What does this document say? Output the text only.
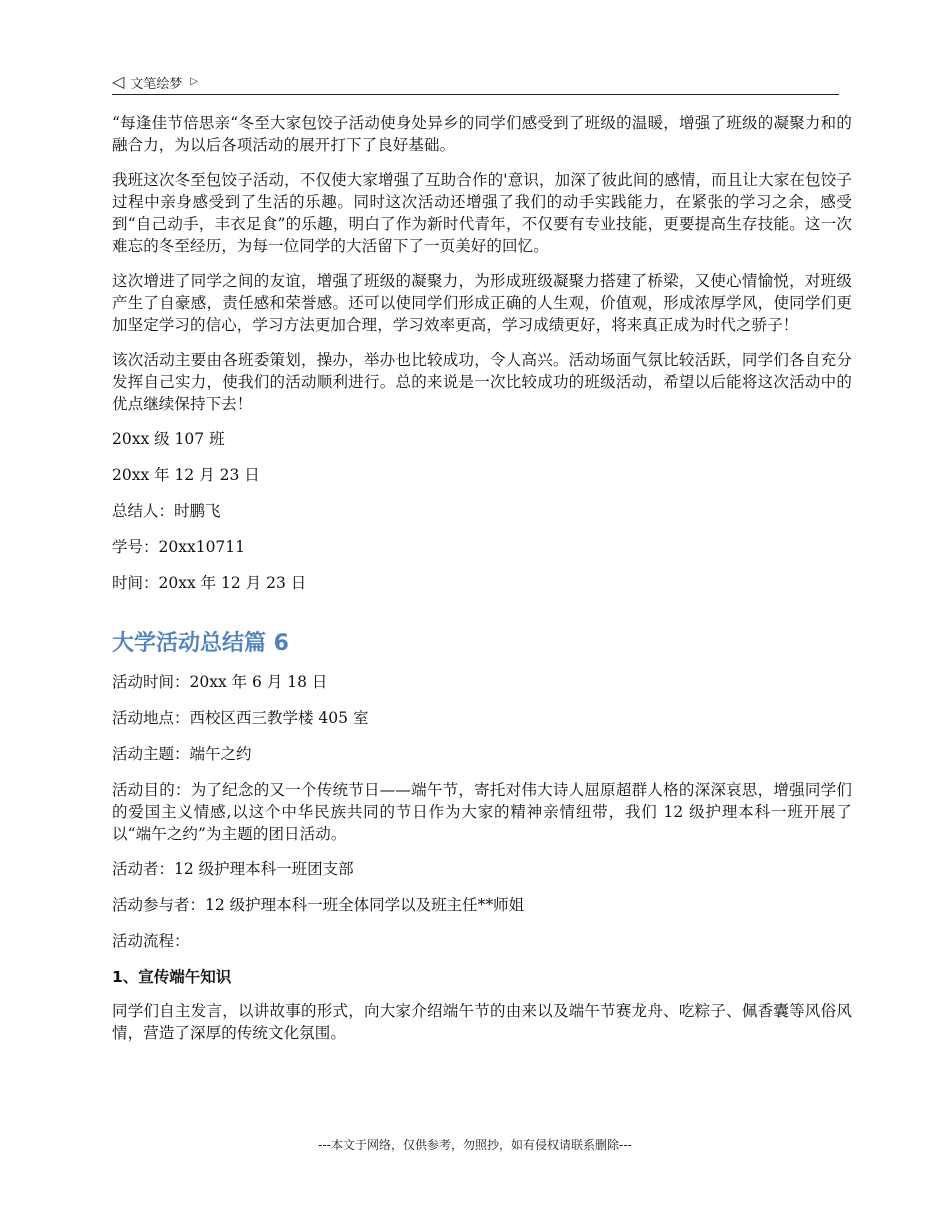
◁ 文笔绘梦 ▷

“每逢佳节倍思亲“冬至大家包饺子活动使身处异乡的同学们感受到了班级的温暖，增强了班级的凝聚力和的融合力，为以后各项活动的展开打下了良好基础。

我班这次冬至包饺子活动，不仅使大家增强了互助合作的'意识，加深了彼此间的感情，而且让大家在包饺子过程中亲身感受到了生活的乐趣。同时这次活动还增强了我们的动手实践能力，在紧张的学习之余，感受到“自己动手，丰衣足食”的乐趣，明白了作为新时代青年，不仅要有专业技能，更要提高生存技能。这一次难忘的冬至经历，为每一位同学的大活留下了一页美好的回忆。

这次增进了同学之间的友谊，增强了班级的凝聚力，为形成班级凝聚力搭建了桥梁，又使心情愉悦，对班级产生了自豪感，责任感和荣誉感。还可以使同学们形成正确的人生观，价值观，形成浓厚学风，使同学们更加坚定学习的信心，学习方法更加合理，学习效率更高，学习成绩更好，将来真正成为时代之骄子！

该次活动主要由各班委策划，操办，举办也比较成功，令人高兴。活动场面气氛比较活跃，同学们各自充分发挥自己实力，使我们的活动顺利进行。总的来说是一次比较成功的班级活动，希望以后能将这次活动中的优点继续保持下去！

20xx 级 107 班

20xx 年 12 月 23 日

总结人：时鹏飞

学号：20xx10711

时间：20xx 年 12 月 23 日

大学活动总结篇 6

活动时间：20xx 年 6 月 18 日

活动地点：西校区西三教学楼 405 室

活动主题：端午之约

活动目的：为了纪念的又一个传统节日——端午节，寄托对伟大诗人屈原超群人格的深深哀思，增强同学们的爱国主义情感,以这个中华民族共同的节日作为大家的精神亲情纽带，我们 12 级护理本科一班开展了以“端午之约”为主题的团日活动。

活动者：12 级护理本科一班团支部

活动参与者：12 级护理本科一班全体同学以及班主任**师姐

活动流程：

1、宣传端午知识

同学们自主发言，以讲故事的形式，向大家介绍端午节的由来以及端午节赛龙舟、吃粽子、佩香囊等风俗风情，营造了深厚的传统文化氛围。

---本文于网络，仅供参考，勿照抄，如有侵权请联系删除---
